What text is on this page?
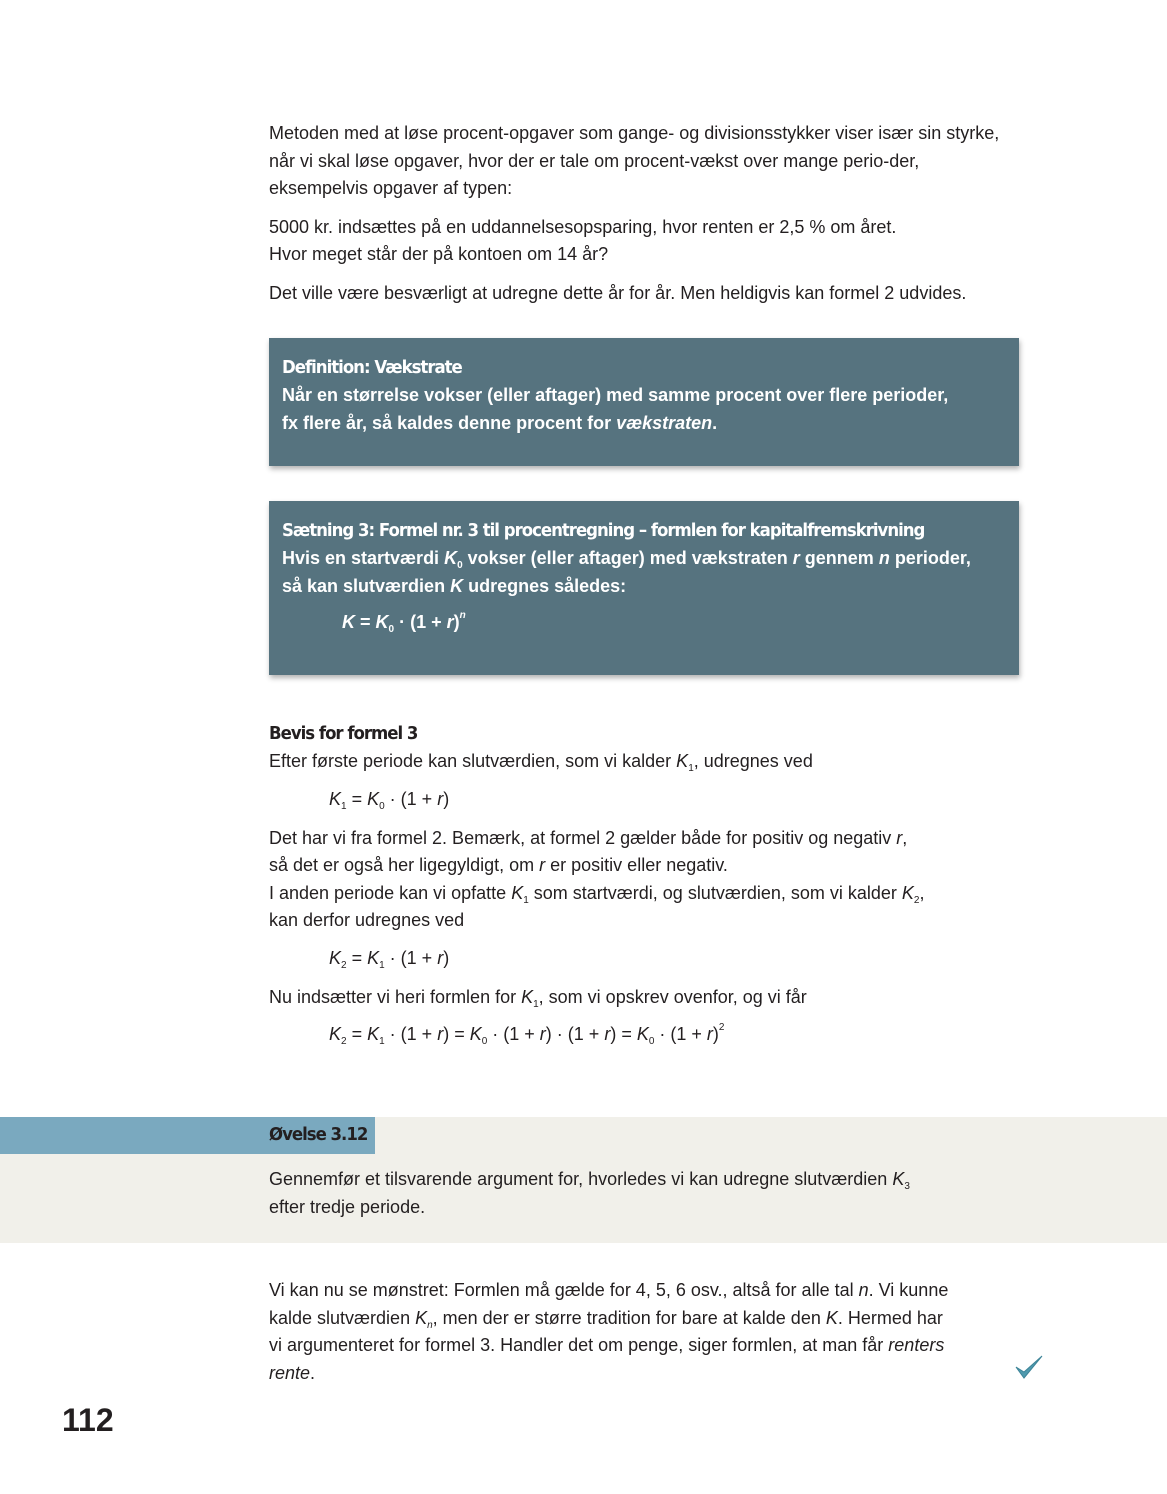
Metoden med at løse procent-opgaver som gange- og divisionsstykker viser især sin styrke, når vi skal løse opgaver, hvor der er tale om procent-vækst over mange perio-der, eksempelvis opgaver af typen:

5000 kr. indsættes på en uddannelsesopsparing, hvor renten er 2,5 % om året.
Hvor meget står der på kontoen om 14 år?

Det ville være besværligt at udregne dette år for år. Men heldigvis kan formel 2 udvides.

Definition: Vækstrate

Når en størrelse vokser (eller aftager) med samme procent over flere perioder,
fx flere år, så kaldes denne procent for vækstraten.

Sætning 3: Formel nr. 3 til procentregning – formlen for kapitalfremskrivning

Hvis en startværdi $K_0$ vokser (eller aftager) med vækstraten r gennem n perioder,
så kan slutværdien K udregnes således:

$K = K_0 \cdot (1 + r)^n$
Bevis for formel 3

Efter første periode kan slutværdien, som vi kalder $K_1$, udregnes ved

$K_1 = K_0 \cdot (1 + r)$

Det har vi fra formel 2. Bemærk, at formel 2 gælder både for positiv og negativ r,
så det er også her ligegyldigt, om r er positiv eller negativ.
I anden periode kan vi opfatte $K_1$ som startværdi, og slutværdien, som vi kalder $K_2$,
kan derfor udregnes ved

$K_2 = K_1 \cdot (1 + r)$

Nu indsætter vi heri formlen for $K_1$, som vi opskrev ovenfor, og vi får

$K_2 = K_1 \cdot (1 + r) = K_0 \cdot (1 + r) \cdot (1 + r) = K_0 \cdot (1 + r)^2$
Øvelse 3.12

Gennemfør et tilsvarende argument for, hvorledes vi kan udregne slutværdien $K_3$
efter tredje periode.

Vi kan nu se mønstret: Formlen må gælde for 4, 5, 6 osv., altså for alle tal n. Vi kunne
kalde slutværdien $K_n$, men der er større tradition for bare at kalde den K. Hermed har
vi argumenteret for formel 3. Handler det om penge, siger formlen, at man får renters
rente.

112
